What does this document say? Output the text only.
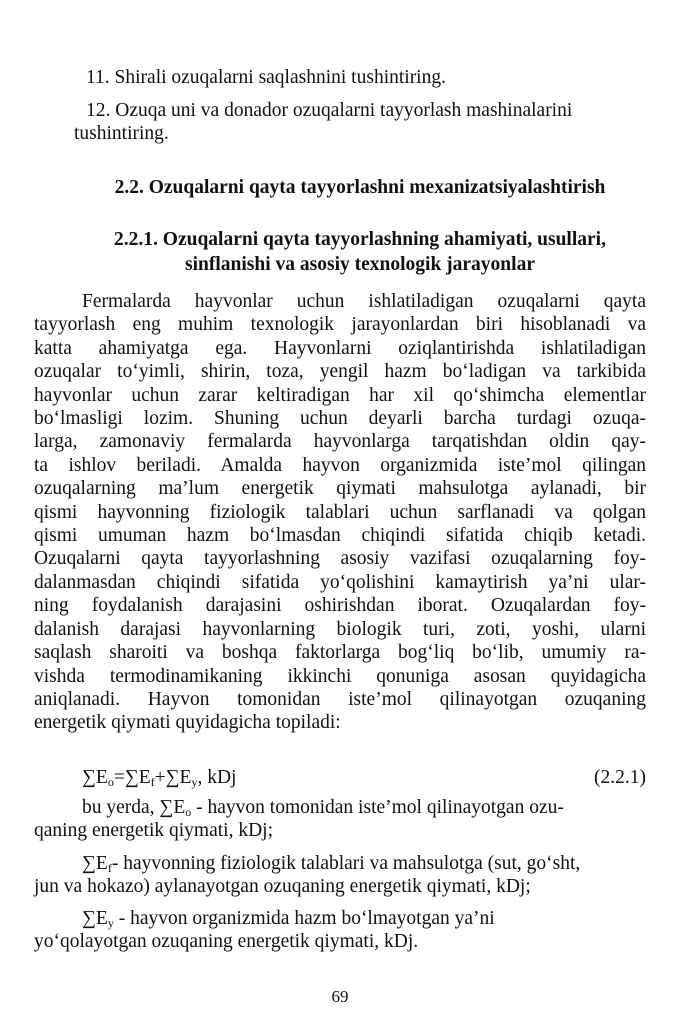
11. Shirali ozuqalarni saqlashnini tushintiring.
12. Ozuqa uni va donador ozuqalarni tayyorlash mashinalarini
tushintiring.
2.2. Ozuqalarni qayta tayyorlashni mexanizatsiyalashtirish
2.2.1. Ozuqalarni qayta tayyorlashning ahamiyati, usullari,
sinflanishi va asosiy texnologik jarayonlar
Fermalarda hayvonlar uchun ishlatiladigan ozuqalarni qayta
tayyorlash eng muhim texnologik jarayonlardan biri hisoblanadi va
katta ahamiyatga ega. Hayvonlarni oziqlantirishda ishlatiladigan
ozuqalar to‘yimli, shirin, toza, yengil hazm bo‘ladigan va tarkibida
hayvonlar uchun zarar keltiradigan har xil qo‘shimcha elementlar
bo‘lmasligi lozim. Shuning uchun deyarli barcha turdagi ozuqa-
larga, zamonaviy fermalarda hayvonlarga tarqatishdan oldin qay-
ta ishlov beriladi. Amalda hayvon organizmida iste’mol qilingan
ozuqalarning ma’lum energetik qiymati mahsulotga aylanadi, bir
qismi hayvonning fiziologik talablari uchun sarflanadi va qolgan
qismi umuman hazm bo‘lmasdan chiqindi sifatida chiqib ketadi.
Ozuqalarni qayta tayyorlashning asosiy vazifasi ozuqalarning foy-
dalanmasdan chiqindi sifatida yo‘qolishini kamaytirish ya’ni ular-
ning foydalanish darajasini oshirishdan iborat. Ozuqalardan foy-
dalanish darajasi hayvonlarning biologik turi, zoti, yoshi, ularni
saqlash sharoiti va boshqa faktorlarga bog‘liq bo‘lib, umumiy ra-
vishda termodinamikaning ikkinchi qonuniga asosan quyidagicha
aniqlanadi. Hayvon tomonidan iste’mol qilinayotgan ozuqaning
energetik qiymati quyidagicha topiladi:
$\sum E_o=\sum E_f+\sum E_y$, kDj	(2.2.1)
bu yerda, $\sum E_o$ - hayvon tomonidan iste’mol qilinayotgan ozu-
qaning energetik qiymati, kDj;
$\sum E_f-$ hayvonning fiziologik talablari va mahsulotga (sut, go‘sht,
jun va hokazo) aylanayotgan ozuqaning energetik qiymati, kDj;
$\sum E_y$ - hayvon organizmida hazm bo‘lmayotgan ya’ni
yo‘qolayotgan ozuqaning energetik qiymati, kDj.
69
